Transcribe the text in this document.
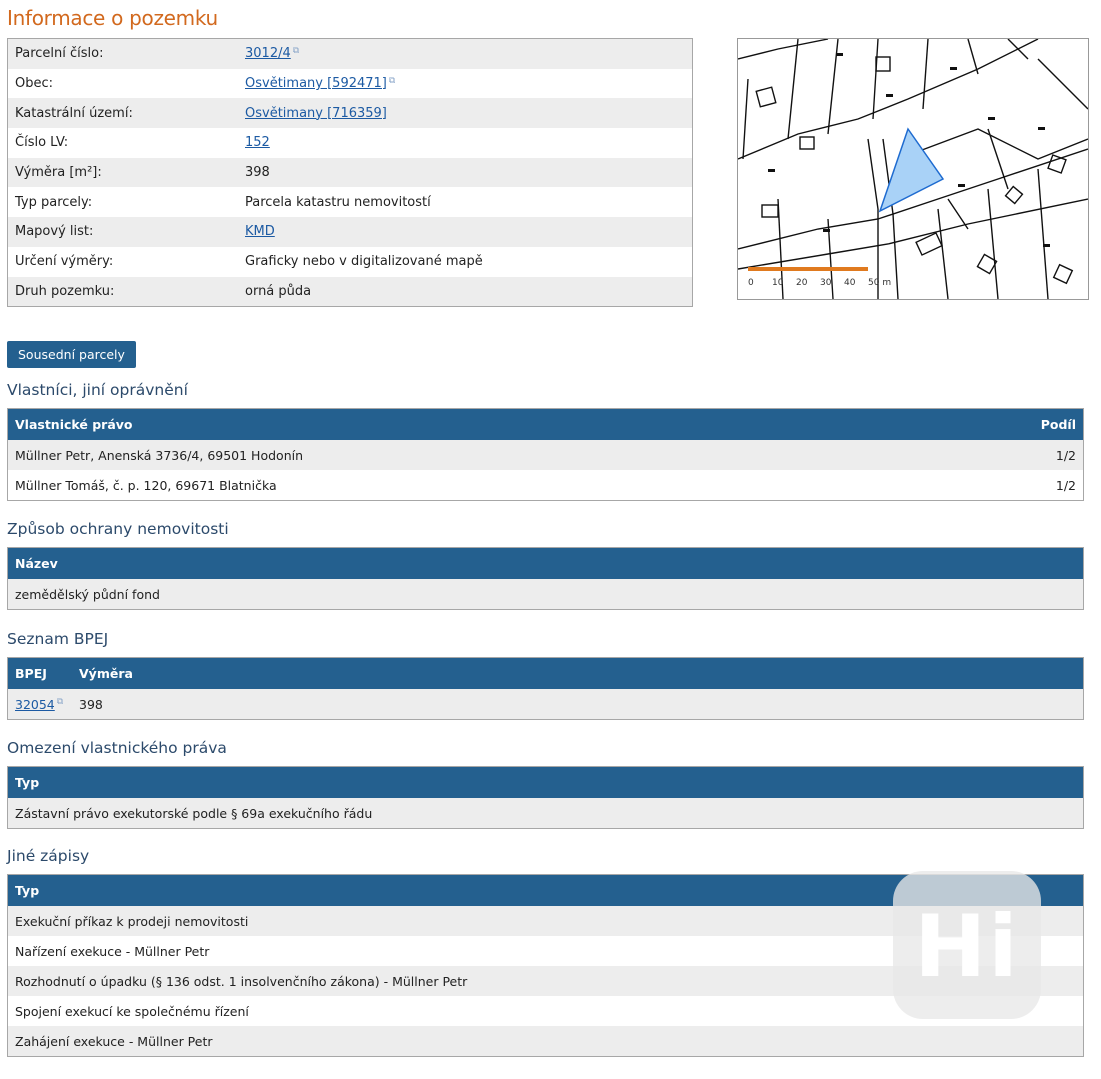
Informace o pozemku
Parcelní číslo:	3012/4 ⧉
Obec:	Osvětimany [592471] ⧉
Katastrální území:	Osvětimany [716359]
Číslo LV:	152
Výměra [m²]:	398
Typ parcely:	Parcela katastru nemovitostí
Mapový list:	KMD
Určení výměry:	Graficky nebo v digitalizované mapě
Druh pozemku:	orná půda
0 10 20 30 40 50 m
Sousední parcely
Vlastníci, jiní oprávnění
Vlastnické právo	Podíl
Müllner Petr, Anenská 3736/4, 69501 Hodonín	1/2
Müllner Tomáš, č. p. 120, 69671 Blatnička	1/2
Způsob ochrany nemovitosti
Název
zemědělský půdní fond
Seznam BPEJ
BPEJ	Výměra
32054 ⧉	398
Omezení vlastnického práva
Typ
Zástavní právo exekutorské podle § 69a exekučního řádu
Jiné zápisy
Typ
Exekuční příkaz k prodeji nemovitosti
Nařízení exekuce - Müllner Petr
Rozhodnutí o úpadku (§ 136 odst. 1 insolvenčního zákona) - Müllner Petr
Spojení exekucí ke společnému řízení
Zahájení exekuce - Müllner Petr
Hi
